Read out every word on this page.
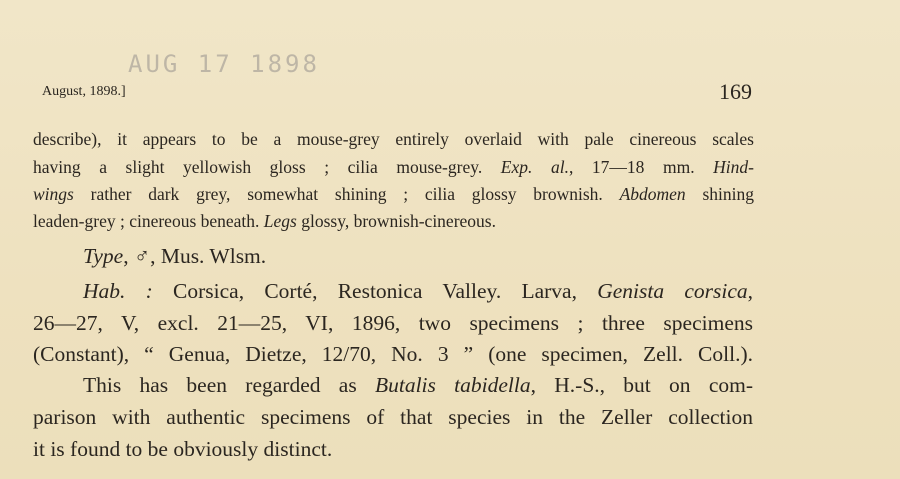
AUG 17 1898
August, 1898.]	169
describe), it appears to be a mouse-grey entirely overlaid with pale cinereous scales
having a slight yellowish gloss ; cilia mouse-grey. Exp. al., 17—18 mm. Hind-
wings rather dark grey, somewhat shining ; cilia glossy brownish. Abdomen shining
leaden-grey ; cinereous beneath. Legs glossy, brownish-cinereous.
Type, ♂, Mus. Wlsm.
Hab. : Corsica, Corté, Restonica Valley. Larva, Genista corsica,
26—27, V, excl. 21—25, VI, 1896, two specimens ; three specimens
(Constant), “ Genua, Dietze, 12/70, No. 3 ” (one specimen, Zell. Coll.).
This has been regarded as Butalis tabidella, H.-S., but on com-
parison with authentic specimens of that species in the Zeller collection
it is found to be obviously distinct.
